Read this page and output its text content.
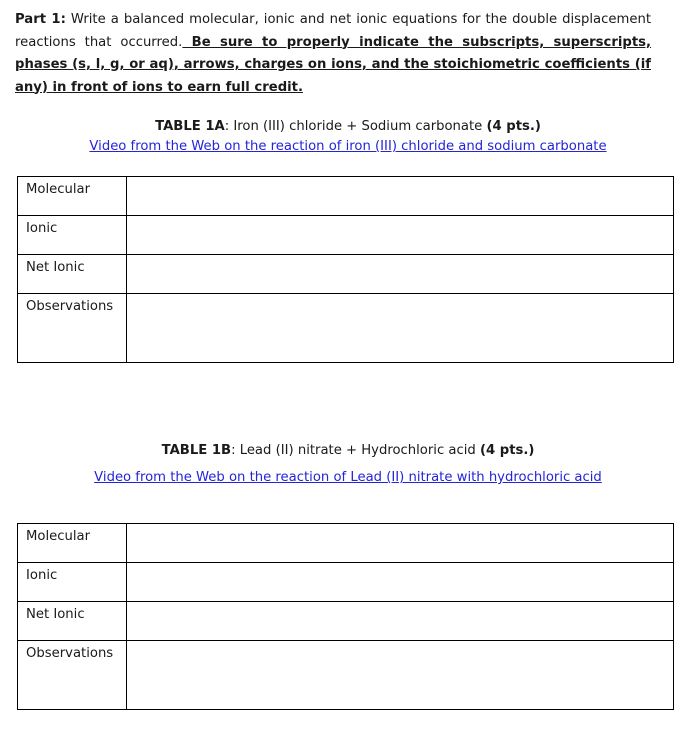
Part 1: Write a balanced molecular, ionic and net ionic equations for the double displacement reactions that occurred. Be sure to properly indicate the subscripts, superscripts, phases (s, l, g, or aq), arrows, charges on ions, and the stoichiometric coefficients (if any) in front of ions to earn full credit.
TABLE 1A: Iron (III) chloride + Sodium carbonate (4 pts.)
Video from the Web on the reaction of iron (III) chloride and sodium carbonate
Molecular	
Ionic	
Net Ionic	
Observations	
TABLE 1B: Lead (II) nitrate + Hydrochloric acid (4 pts.)
Video from the Web on the reaction of Lead (II) nitrate with hydrochloric acid
Molecular	
Ionic	
Net Ionic	
Observations	
